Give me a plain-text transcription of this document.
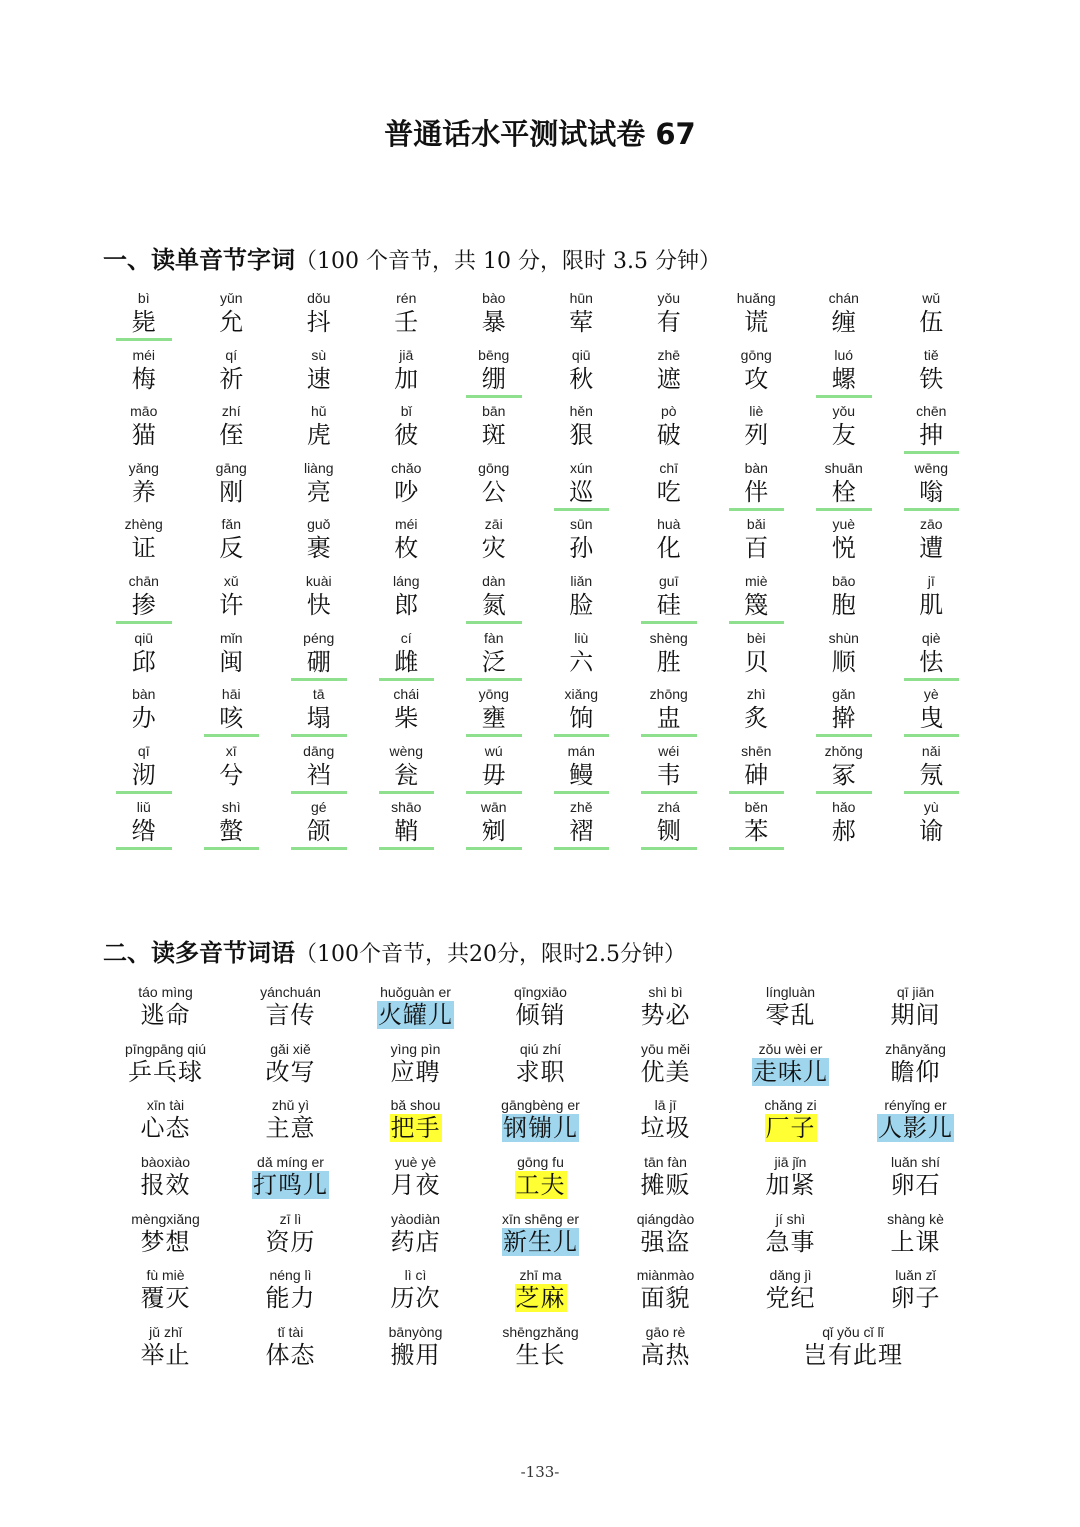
普通话水平测试试卷 67
一、读单音节字词（100 个音节，共 10 分，限时 3.5 分钟）
bì
毙
yǔn
允
dǒu
抖
rén
壬
bào
暴
hūn
荤
yǒu
有
huǎng
谎
chán
缠
wǔ
伍
méi
梅
qí
祈
sù
速
jiā
加
bēng
绷
qiū
秋
zhē
遮
gōng
攻
luó
螺
tiě
铁
māo
猫
zhí
侄
hǔ
虎
bǐ
彼
bān
斑
hěn
狠
pò
破
liè
列
yǒu
友
chēn
抻
yǎng
养
gāng
刚
liàng
亮
chǎo
吵
gōng
公
xún
巡
chī
吃
bàn
伴
shuān
栓
wēng
嗡
zhèng
证
fǎn
反
guǒ
裹
méi
枚
zāi
灾
sūn
孙
huà
化
bǎi
百
yuè
悦
zāo
遭
chān
掺
xǔ
许
kuài
快
láng
郎
dàn
氮
liǎn
脸
guī
硅
miè
篾
bāo
胞
jī
肌
qiū
邱
mǐn
闽
péng
硼
cí
雌
fàn
泛
liù
六
shèng
胜
bèi
贝
shùn
顺
qiè
怯
bàn
办
hāi
咳
tā
塌
chái
柴
yōng
壅
xiǎng
饷
zhōng
盅
zhì
炙
gǎn
擀
yè
曳
qī
沏
xī
兮
dāng
裆
wèng
瓮
wú
毋
mán
鳗
wéi
韦
shēn
砷
zhǒng
冢
nǎi
氖
liǔ
绺
shì
螫
gé
颌
shāo
鞘
wān
剜
zhě
褶
zhá
铡
běn
苯
hǎo
郝
yù
谕
二、读多音节词语（100个音节，共20分，限时2.5分钟）
táo mìng
逃命
yánchuán
言传
huǒguàn er
火罐儿
qīngxiāo
倾销
shì bì
势必
língluàn
零乱
qī jiān
期间
pīngpāng qiú
乒乓球
gǎi xiě
改写
yìng pìn
应聘
qiú zhí
求职
yōu měi
优美
zǒu wèi er
走味儿
zhānyǎng
瞻仰
xīn tài
心态
zhǔ yì
主意
bǎ shou
把手
gāngbèng er
钢镚儿
lā jī
垃圾
chǎng zi
厂子
rényǐng er
人影儿
bàoxiào
报效
dǎ míng er
打鸣儿
yuè yè
月夜
gōng fu
工夫
tān fàn
摊贩
jiā jǐn
加紧
luǎn shí
卵石
mèngxiǎng
梦想
zī lì
资历
yàodiàn
药店
xīn shēng er
新生儿
qiángdào
强盗
jí shì
急事
shàng kè
上课
fù miè
覆灭
néng lì
能力
lì cì
历次
zhī ma
芝麻
miànmào
面貌
dǎng jì
党纪
luǎn zǐ
卵子
jǔ zhǐ
举止
tǐ tài
体态
bānyòng
搬用
shēngzhǎng
生长
gāo rè
高热
qǐ yǒu cǐ lǐ
岂有此理
-133-
